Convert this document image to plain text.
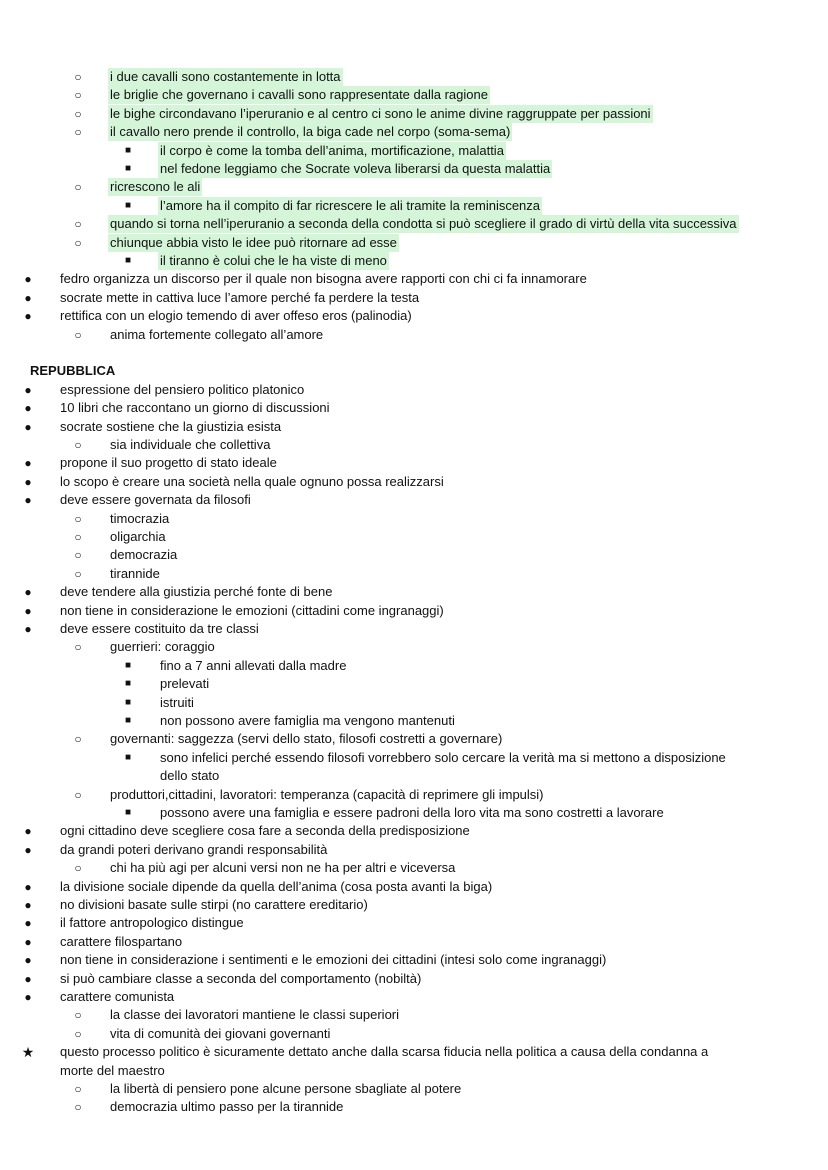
○	i due cavalli sono costantemente in lotta
○	le briglie che governano i cavalli sono rappresentate dalla ragione
○	le bighe circondavano l’iperuranio e al centro ci sono le anime divine raggruppate per passioni
○	il cavallo nero prende il controllo, la biga cade nel corpo (soma-sema)
■	il corpo è come la tomba dell’anima, mortificazione, malattia
■	nel fedone leggiamo che Socrate voleva liberarsi da questa malattia
○	ricrescono le ali
■	l’amore ha il compito di far ricrescere le ali tramite la reminiscenza
○	quando si torna nell’iperuranio a seconda della condotta si può scegliere il grado di virtù della vita successiva
○	chiunque abbia visto le idee può ritornare ad esse
■	il tiranno è colui che le ha viste di meno
●	fedro organizza un discorso per il quale non bisogna avere rapporti con chi ci fa innamorare
●	socrate mette in cattiva luce l’amore perché fa perdere la testa
●	rettifica con un elogio temendo di aver offeso eros (palinodia)
○	anima fortemente collegato all’amore
REPUBBLICA
●	espressione del pensiero politico platonico
●	10 libri che raccontano un giorno di discussioni
●	socrate sostiene che la giustizia esista
○	sia individuale che collettiva
●	propone il suo progetto di stato ideale
●	lo scopo è creare una società nella quale ognuno possa realizzarsi
●	deve essere governata da filosofi
○	timocrazia
○	oligarchia
○	democrazia
○	tirannide
●	deve tendere alla giustizia perché fonte di bene
●	non tiene in considerazione le emozioni (cittadini come ingranaggi)
●	deve essere costituito da tre classi
○	guerrieri: coraggio
■	fino a 7 anni allevati dalla madre
■	prelevati
■	istruiti
■	non possono avere famiglia ma vengono mantenuti
○	governanti: saggezza (servi dello stato, filosofi costretti a governare)
■	sono infelici perché essendo filosofi vorrebbero solo cercare la verità ma si mettono a disposizione
dello stato
○	produttori,cittadini, lavoratori: temperanza (capacità di reprimere gli impulsi)
■	possono avere una famiglia e essere padroni della loro vita ma sono costretti a lavorare
●	ogni cittadino deve scegliere cosa fare a seconda della predisposizione
●	da grandi poteri derivano grandi responsabilità
○	chi ha più agi per alcuni versi non ne ha per altri e viceversa
●	la divisione sociale dipende da quella dell’anima (cosa posta avanti la biga)
●	no divisioni basate sulle stirpi (no carattere ereditario)
●	il fattore antropologico distingue
●	carattere filospartano
●	non tiene in considerazione i sentimenti e le emozioni dei cittadini (intesi solo come ingranaggi)
●	si può cambiare classe a seconda del comportamento (nobiltà)
●	carattere comunista
○	la classe dei lavoratori mantiene le classi superiori
○	vita di comunità dei giovani governanti
★ questo processo politico è sicuramente dettato anche dalla scarsa fiducia nella politica a causa della condanna a
morte del maestro
○	la libertà di pensiero pone alcune persone sbagliate al potere
○	democrazia ultimo passo per la tirannide
